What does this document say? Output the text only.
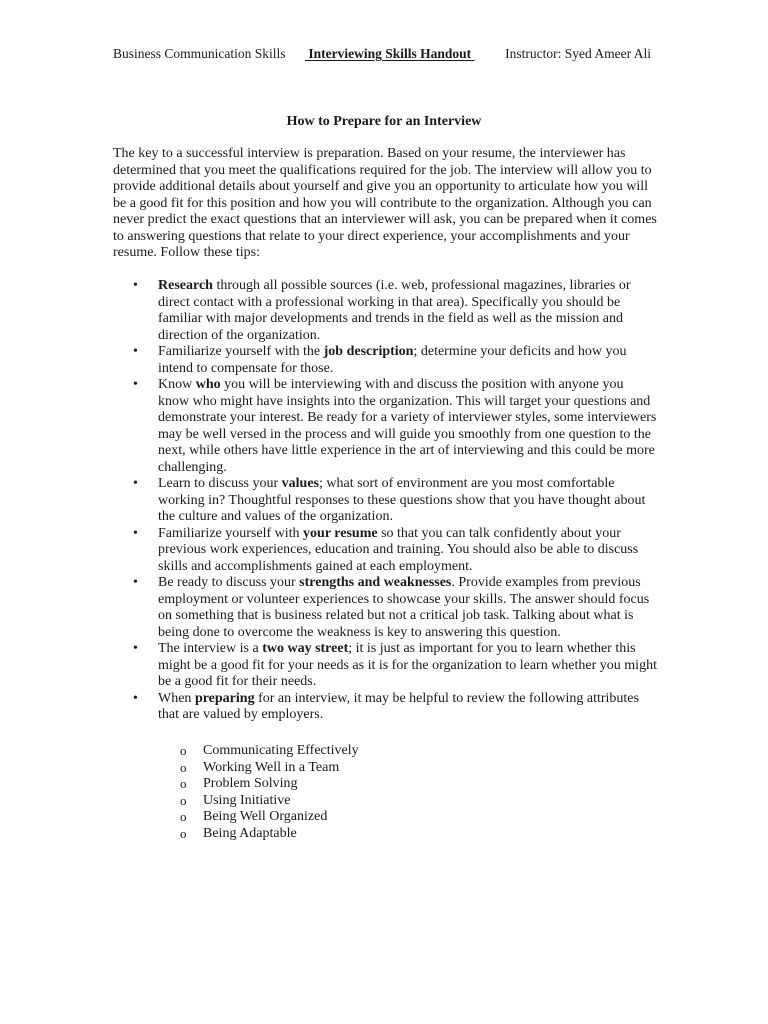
Business Communication Skills Interviewing Skills Handout Instructor: Syed Ameer Ali
How to Prepare for an Interview

The key to a successful interview is preparation. Based on your resume, the interviewer has determined that you meet the qualifications required for the job. The interview will allow you to provide additional details about yourself and give you an opportunity to articulate how you will be a good fit for this position and how you will contribute to the organization. Although you can never predict the exact questions that an interviewer will ask, you can be prepared when it comes to answering questions that relate to your direct experience, your accomplishments and your resume. Follow these tips:

• Research through all possible sources (i.e. web, professional magazines, libraries or direct contact with a professional working in that area). Specifically you should be familiar with major developments and trends in the field as well as the mission and direction of the organization.
• Familiarize yourself with the job description; determine your deficits and how you intend to compensate for those.
• Know who you will be interviewing with and discuss the position with anyone you know who might have insights into the organization. This will target your questions and demonstrate your interest. Be ready for a variety of interviewer styles, some interviewers may be well versed in the process and will guide you smoothly from one question to the next, while others have little experience in the art of interviewing and this could be more challenging.
• Learn to discuss your values; what sort of environment are you most comfortable working in? Thoughtful responses to these questions show that you have thought about the culture and values of the organization.
• Familiarize yourself with your resume so that you can talk confidently about your previous work experiences, education and training. You should also be able to discuss skills and accomplishments gained at each employment.
• Be ready to discuss your strengths and weaknesses. Provide examples from previous employment or volunteer experiences to showcase your skills. The answer should focus on something that is business related but not a critical job task. Talking about what is being done to overcome the weakness is key to answering this question.
• The interview is a two way street; it is just as important for you to learn whether this might be a good fit for your needs as it is for the organization to learn whether you might be a good fit for their needs.
• When preparing for an interview, it may be helpful to review the following attributes that are valued by employers.
o Communicating Effectively
o Working Well in a Team
o Problem Solving
o Using Initiative
o Being Well Organized
o Being Adaptable
